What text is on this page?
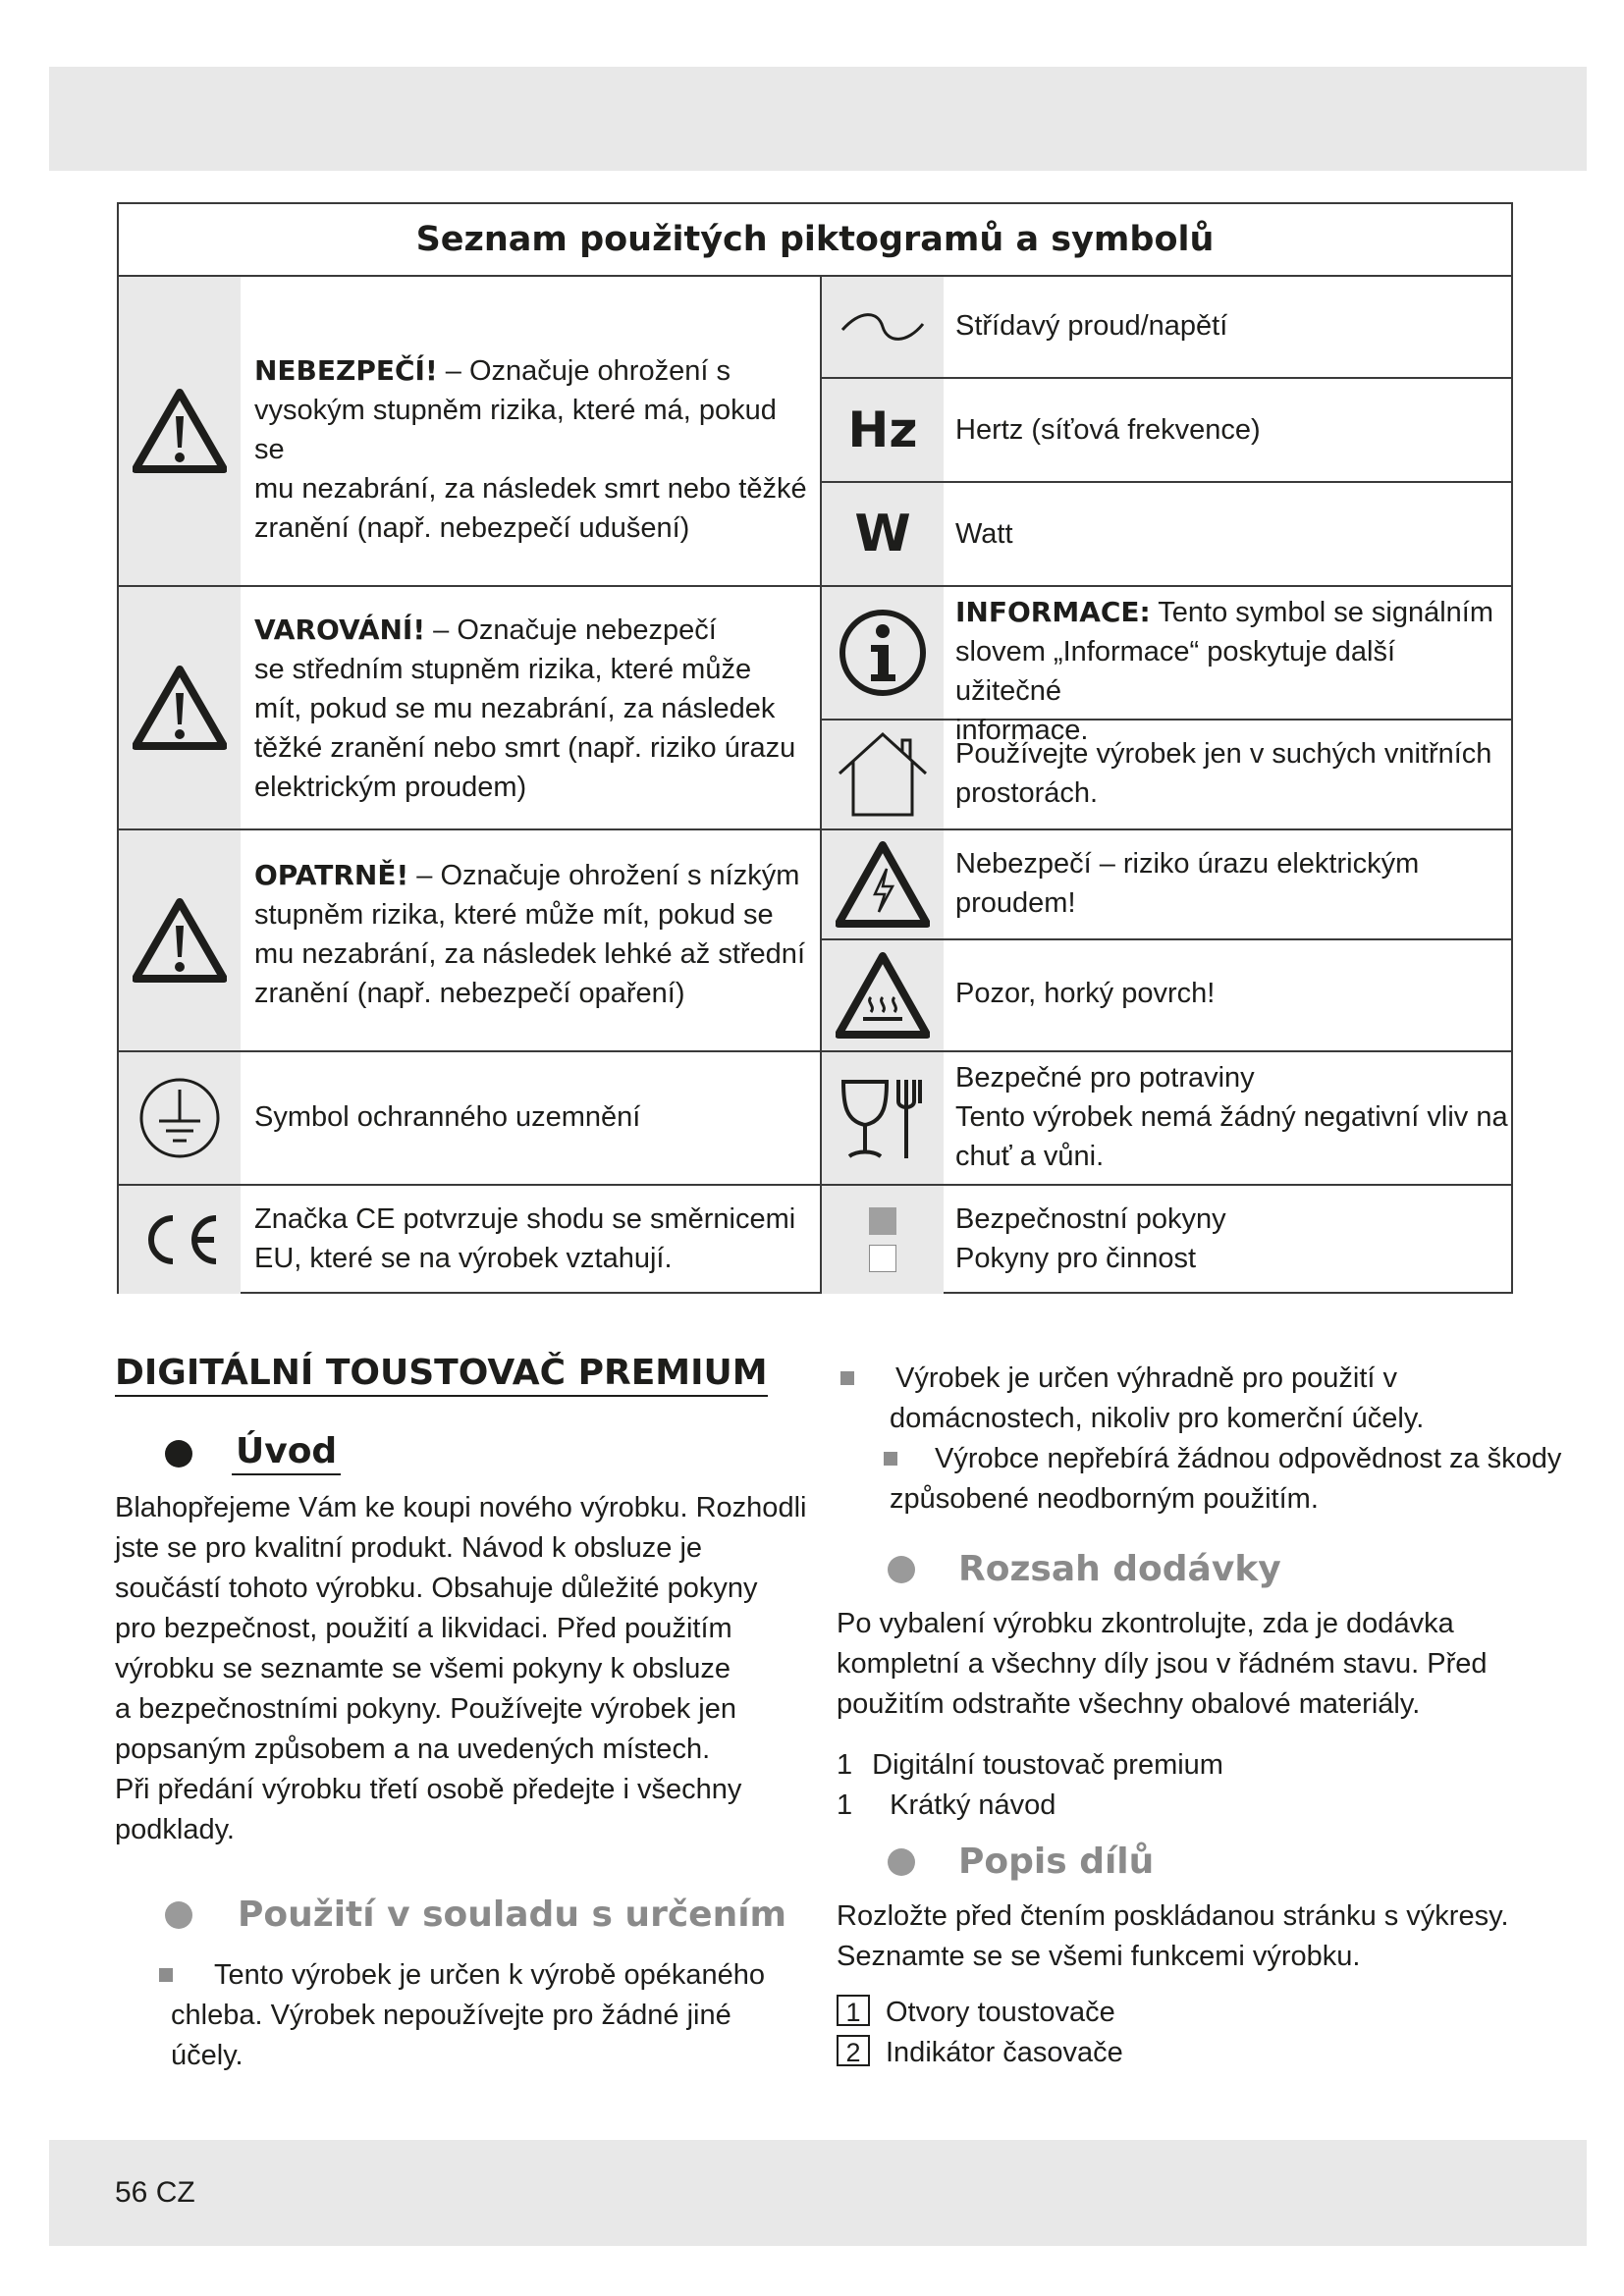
Seznam použitých piktogramů a symbolů
Hz
W
NEBEZPEČÍ! – Označuje ohrožení s
vysokým stupněm rizika, které má, pokud se
mu nezabrání, za následek smrt nebo těžké
zranění (např. nebezpečí udušení)
VAROVÁNÍ! – Označuje nebezpečí
se středním stupněm rizika, které může
mít, pokud se mu nezabrání, za následek
těžké zranění nebo smrt (např. riziko úrazu
elektrickým proudem)
OPATRNĚ! – Označuje ohrožení s nízkým
stupněm rizika, které může mít, pokud se
mu nezabrání, za následek lehké až střední
zranění (např. nebezpečí opaření)
Symbol ochranného uzemnění
Značka CE potvrzuje shodu se směrnicemi
EU, které se na výrobek vztahují.
Střídavý proud/napětí
Hertz (síťová frekvence)
Watt
INFORMACE: Tento symbol se signálním
slovem „Informace“ poskytuje další užitečné
informace.
Používejte výrobek jen v suchých vnitřních
prostorách.
Nebezpečí – riziko úrazu elektrickým
proudem!
Pozor, horký povrch!
Bezpečné pro potraviny
Tento výrobek nemá žádný negativní vliv na
chuť a vůni.
Bezpečnostní pokyny
Pokyny pro činnost
DIGITÁLNÍ TOUSTOVAČ PREMIUM
Úvod
Blahopřejeme Vám ke koupi nového výrobku. Rozhodli
jste se pro kvalitní produkt. Návod k obsluze je
součástí tohoto výrobku. Obsahuje důležité pokyny
pro bezpečnost, použití a likvidaci. Před použitím
výrobku se seznamte se všemi pokyny k obsluze
a bezpečnostními pokyny. Používejte výrobek jen
popsaným způsobem a na uvedených místech.
Při předání výrobku třetí osobě předejte i všechny
podklady.
Použití v souladu s určením
Tento výrobek je určen k výrobě opékaného
chleba. Výrobek nepoužívejte pro žádné jiné
účely.
Výrobek je určen výhradně pro použití v
domácnostech, nikoliv pro komerční účely.
Výrobce nepřebírá žádnou odpovědnost za škody
způsobené neodborným použitím.
Rozsah dodávky
Po vybalení výrobku zkontrolujte, zda je dodávka
kompletní a všechny díly jsou v řádném stavu. Před
použitím odstraňte všechny obalové materiály.
1 Digitální toustovač premium
1 Krátký návod
Popis dílů
Rozložte před čtením poskládanou stránku s výkresy.
Seznamte se se všemi funkcemi výrobku.
1 Otvory toustovače
2 Indikátor časovače
56 CZ
